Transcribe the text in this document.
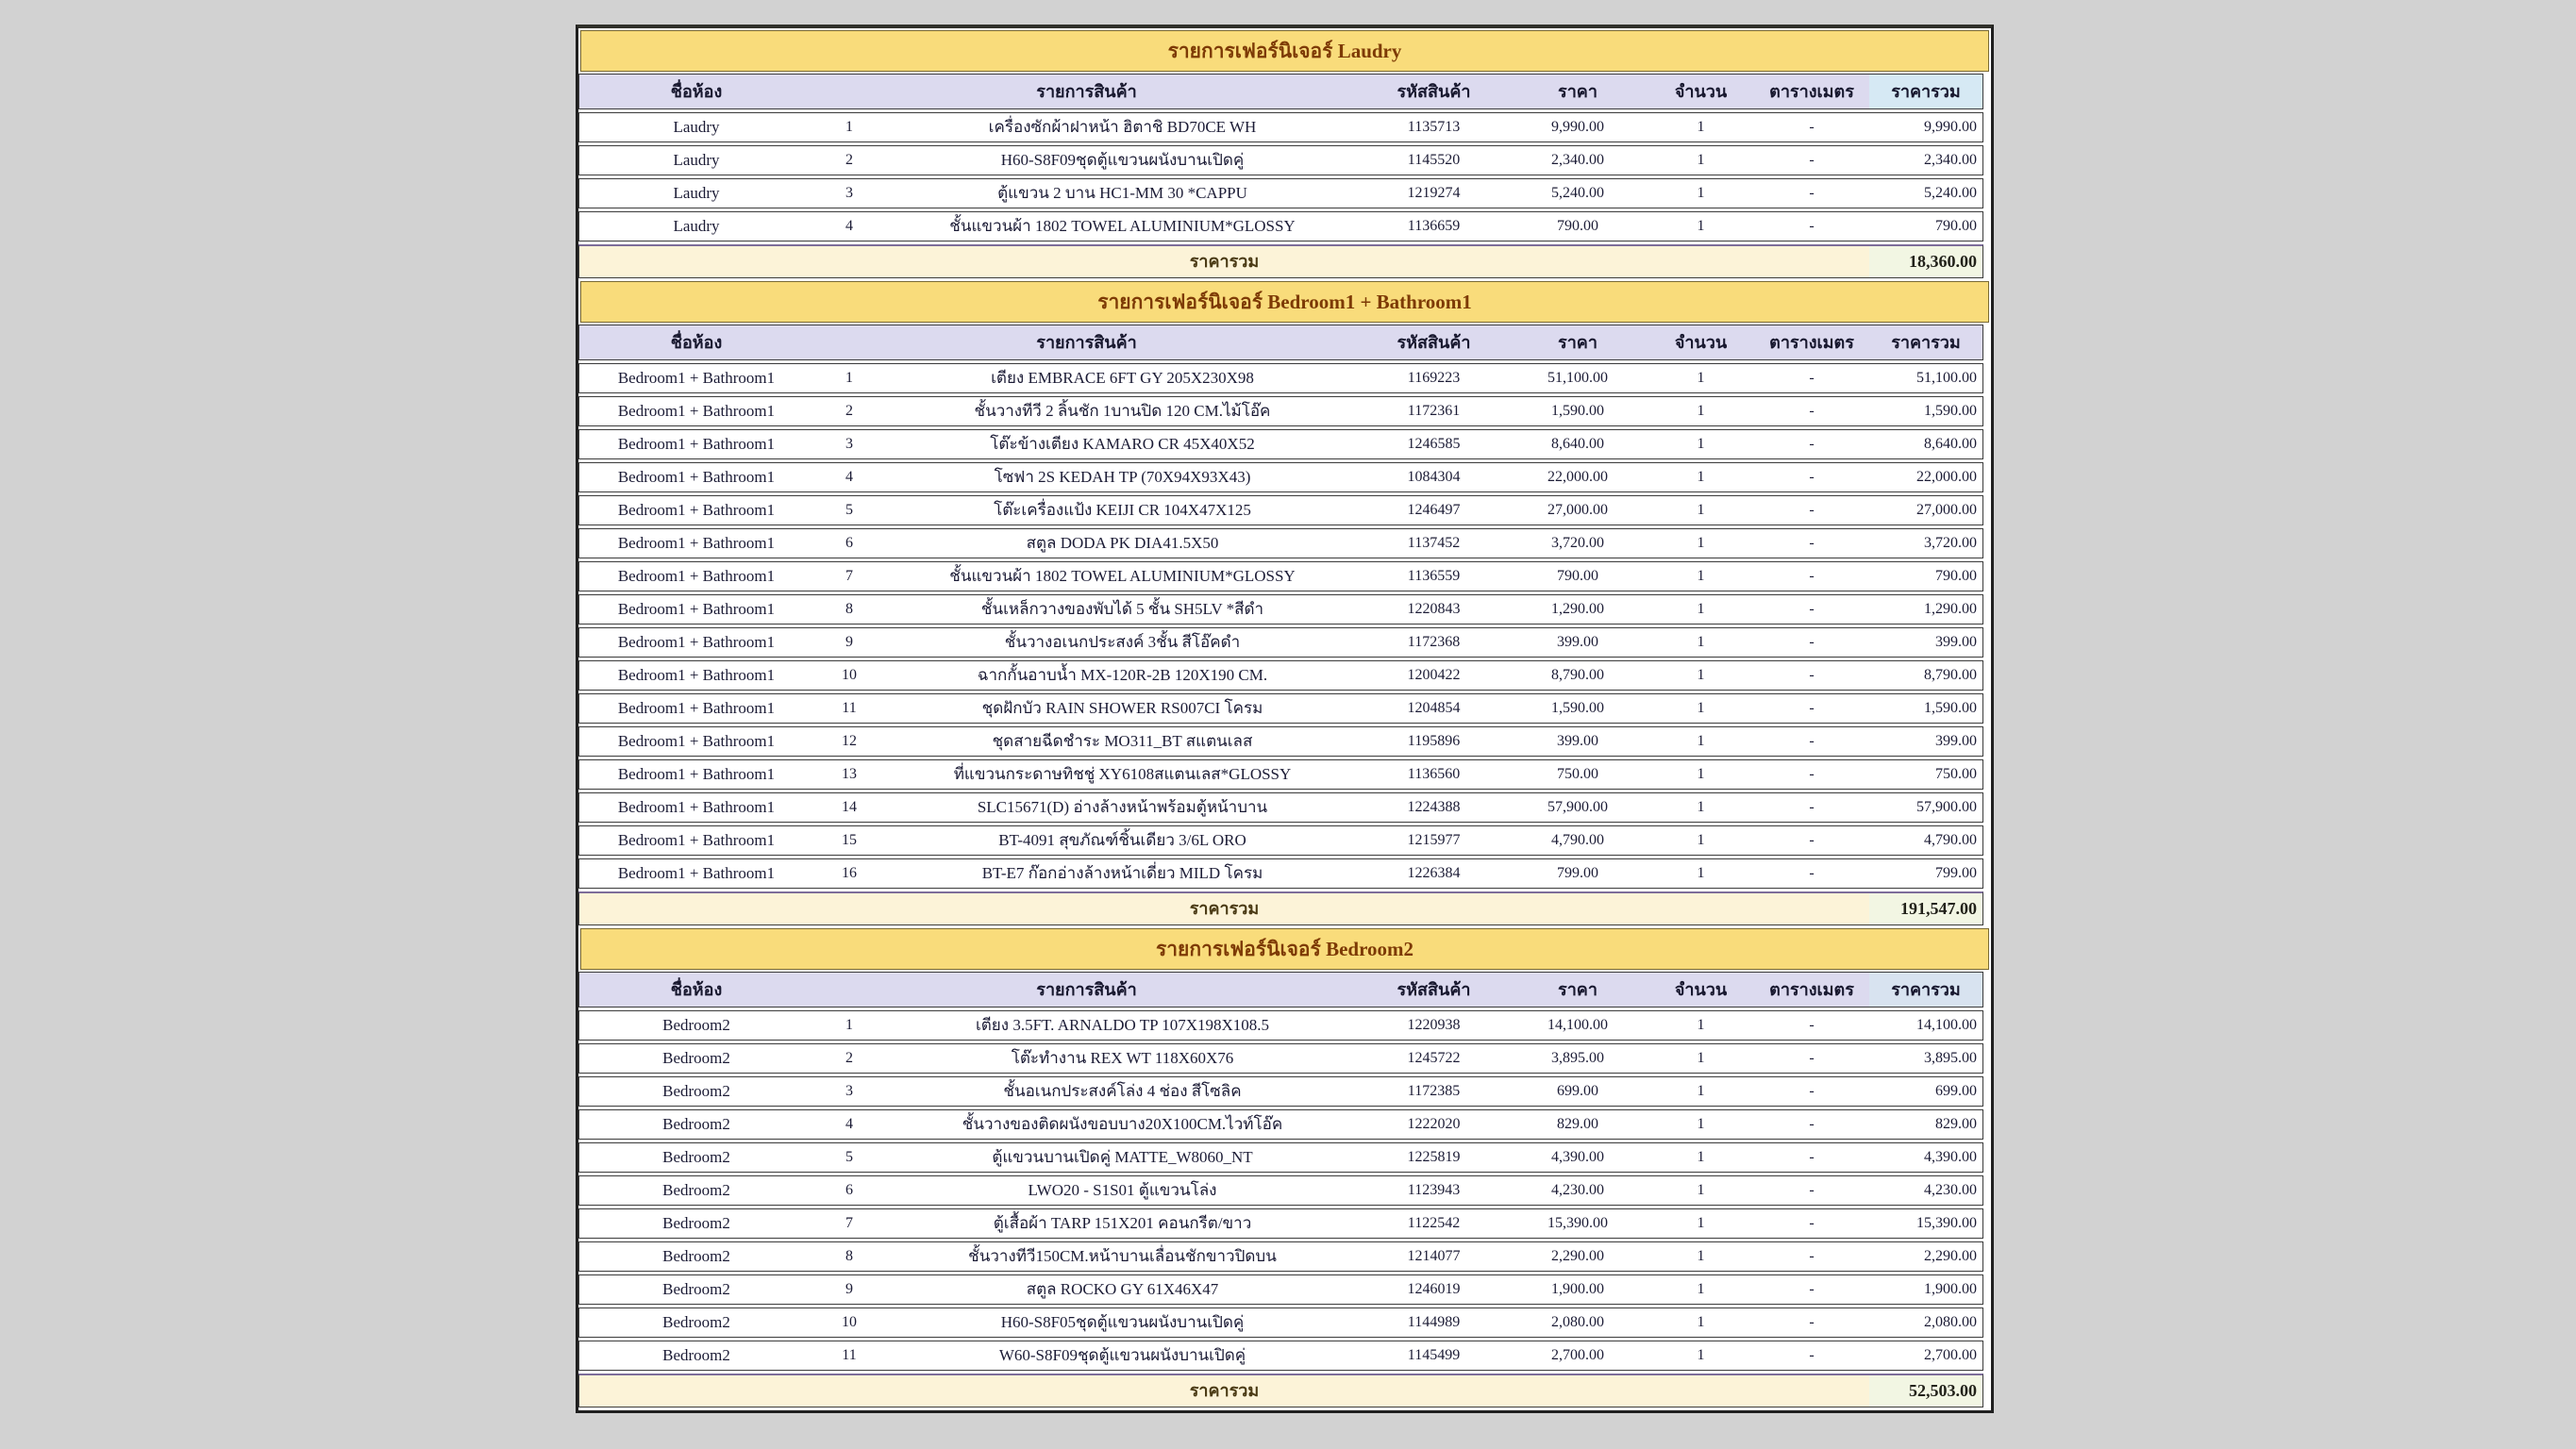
รายการเฟอร์นิเจอร์ Laudry
ชื่อห้อง	รายการสินค้า	รหัสสินค้า	ราคา	จำนวน	ตารางเมตร	ราคารวม
Laudry	1	เครื่องซักผ้าฝาหน้า ฮิตาชิ BD70CE WH	1135713	9,990.00	1	-	9,990.00
Laudry	2	H60-S8F09ชุดตู้แขวนผนังบานเปิดคู่	1145520	2,340.00	1	-	2,340.00
Laudry	3	ตู้แขวน 2 บาน HC1-MM 30 *CAPPU	1219274	5,240.00	1	-	5,240.00
Laudry	4	ชั้นแขวนผ้า 1802 TOWEL ALUMINIUM*GLOSSY	1136659	790.00	1	-	790.00
ราคารวม	18,360.00
รายการเฟอร์นิเจอร์ Bedroom1 + Bathroom1
ชื่อห้อง	รายการสินค้า	รหัสสินค้า	ราคา	จำนวน	ตารางเมตร	ราคารวม
Bedroom1 + Bathroom1	1	เตียง EMBRACE 6FT GY 205X230X98	1169223	51,100.00	1	-	51,100.00
Bedroom1 + Bathroom1	2	ชั้นวางทีวี 2 ลิ้นชัก 1บานปิด 120 CM.ไม้โอ๊ค	1172361	1,590.00	1	-	1,590.00
Bedroom1 + Bathroom1	3	โต๊ะข้างเตียง KAMARO CR 45X40X52	1246585	8,640.00	1	-	8,640.00
Bedroom1 + Bathroom1	4	โซฟา 2S KEDAH TP (70X94X93X43)	1084304	22,000.00	1	-	22,000.00
Bedroom1 + Bathroom1	5	โต๊ะเครื่องแป้ง KEIJI CR 104X47X125	1246497	27,000.00	1	-	27,000.00
Bedroom1 + Bathroom1	6	สตูล DODA PK DIA41.5X50	1137452	3,720.00	1	-	3,720.00
Bedroom1 + Bathroom1	7	ชั้นแขวนผ้า 1802 TOWEL ALUMINIUM*GLOSSY	1136559	790.00	1	-	790.00
Bedroom1 + Bathroom1	8	ชั้นเหล็กวางของพับได้ 5 ชั้น SH5LV *สีดำ	1220843	1,290.00	1	-	1,290.00
Bedroom1 + Bathroom1	9	ชั้นวางอเนกประสงค์ 3ชั้น สีโอ๊คดำ	1172368	399.00	1	-	399.00
Bedroom1 + Bathroom1	10	ฉากกั้นอาบน้ำ MX-120R-2B 120X190 CM.	1200422	8,790.00	1	-	8,790.00
Bedroom1 + Bathroom1	11	ชุดฝักบัว RAIN SHOWER RS007CI โครม	1204854	1,590.00	1	-	1,590.00
Bedroom1 + Bathroom1	12	ชุดสายฉีดชำระ MO311_BT สแตนเลส	1195896	399.00	1	-	399.00
Bedroom1 + Bathroom1	13	ที่แขวนกระดาษทิชชู่ XY6108สแตนเลส*GLOSSY	1136560	750.00	1	-	750.00
Bedroom1 + Bathroom1	14	SLC15671(D) อ่างล้างหน้าพร้อมตู้หน้าบาน	1224388	57,900.00	1	-	57,900.00
Bedroom1 + Bathroom1	15	BT-4091 สุขภัณฑ์ชิ้นเดียว 3/6L ORO	1215977	4,790.00	1	-	4,790.00
Bedroom1 + Bathroom1	16	BT-E7 ก๊อกอ่างล้างหน้าเดี่ยว MILD โครม	1226384	799.00	1	-	799.00
ราคารวม	191,547.00
รายการเฟอร์นิเจอร์ Bedroom2
ชื่อห้อง	รายการสินค้า	รหัสสินค้า	ราคา	จำนวน	ตารางเมตร	ราคารวม
Bedroom2	1	เตียง 3.5FT. ARNALDO TP 107X198X108.5	1220938	14,100.00	1	-	14,100.00
Bedroom2	2	โต๊ะทำงาน REX WT 118X60X76	1245722	3,895.00	1	-	3,895.00
Bedroom2	3	ชั้นอเนกประสงค์โล่ง 4 ช่อง สีโซลิค	1172385	699.00	1	-	699.00
Bedroom2	4	ชั้นวางของติดผนังขอบบาง20X100CM.ไวท์โอ๊ค	1222020	829.00	1	-	829.00
Bedroom2	5	ตู้แขวนบานเปิดคู่ MATTE_W8060_NT	1225819	4,390.00	1	-	4,390.00
Bedroom2	6	LWO20 - S1S01 ตู้แขวนโล่ง	1123943	4,230.00	1	-	4,230.00
Bedroom2	7	ตู้เสื้อผ้า TARP 151X201 คอนกรีต/ขาว	1122542	15,390.00	1	-	15,390.00
Bedroom2	8	ชั้นวางทีวี150CM.หน้าบานเลื่อนชักขาวปิดบน	1214077	2,290.00	1	-	2,290.00
Bedroom2	9	สตูล ROCKO GY 61X46X47	1246019	1,900.00	1	-	1,900.00
Bedroom2	10	H60-S8F05ชุดตู้แขวนผนังบานเปิดคู่	1144989	2,080.00	1	-	2,080.00
Bedroom2	11	W60-S8F09ชุดตู้แขวนผนังบานเปิดคู่	1145499	2,700.00	1	-	2,700.00
ราคารวม	52,503.00
